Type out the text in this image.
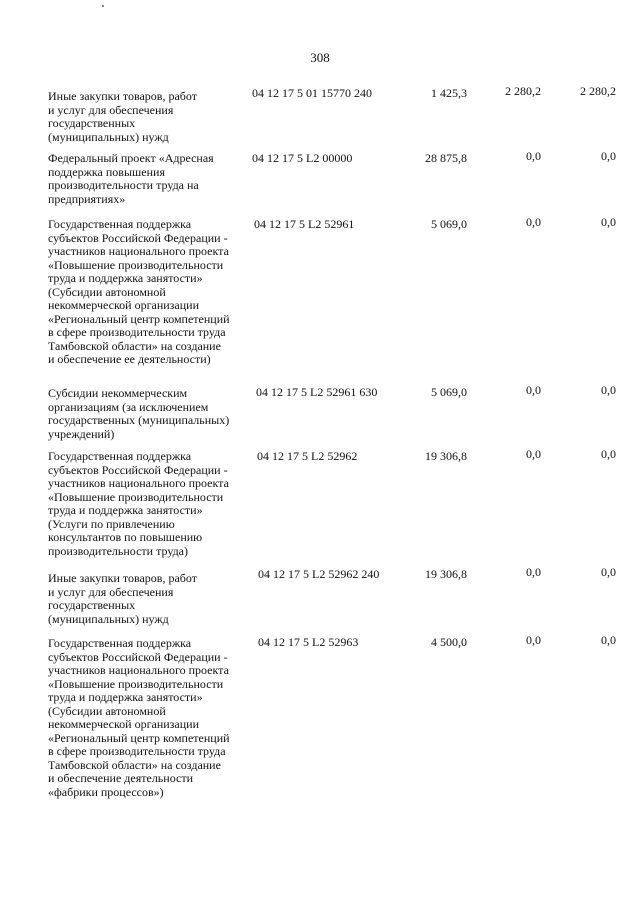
308
Иные закупки товаров, работ
и услуг для обеспечения
государственных
(муниципальных) нужд
04 12 17 5 01 15770 240	1 425,3	2 280,2	2 280,2
Федеральный проект «Адресная
поддержка повышения
производительности труда на
предприятиях»
04 12 17 5 L2 00000	28 875,8	0,0	0,0
Государственная поддержка
субъектов Российской Федерации -
участников национального проекта
«Повышение производительности
труда и поддержка занятости»
(Субсидии автономной
некоммерческой организации
«Региональный центр компетенций
в сфере производительности труда
Тамбовской области» на создание
и обеспечение ее деятельности)
04 12 17 5 L2 52961	5 069,0	0,0	0,0
Субсидии некоммерческим
организациям (за исключением
государственных (муниципальных)
учреждений)
04 12 17 5 L2 52961 630	5 069,0	0,0	0,0
Государственная поддержка
субъектов Российской Федерации -
участников национального проекта
«Повышение производительности
труда и поддержка занятости»
(Услуги по привлечению
консультантов по повышению
производительности труда)
04 12 17 5 L2 52962	19 306,8	0,0	0,0
Иные закупки товаров, работ
и услуг для обеспечения
государственных
(муниципальных) нужд
04 12 17 5 L2 52962 240	19 306,8	0,0	0,0
Государственная поддержка
субъектов Российской Федерации -
участников национального проекта
«Повышение производительности
труда и поддержка занятости»
(Субсидии автономной
некоммерческой организации
«Региональный центр компетенций
в сфере производительности труда
Тамбовской области» на создание
и обеспечение деятельности
«фабрики процессов»)
04 12 17 5 L2 52963	4 500,0	0,0	0,0
